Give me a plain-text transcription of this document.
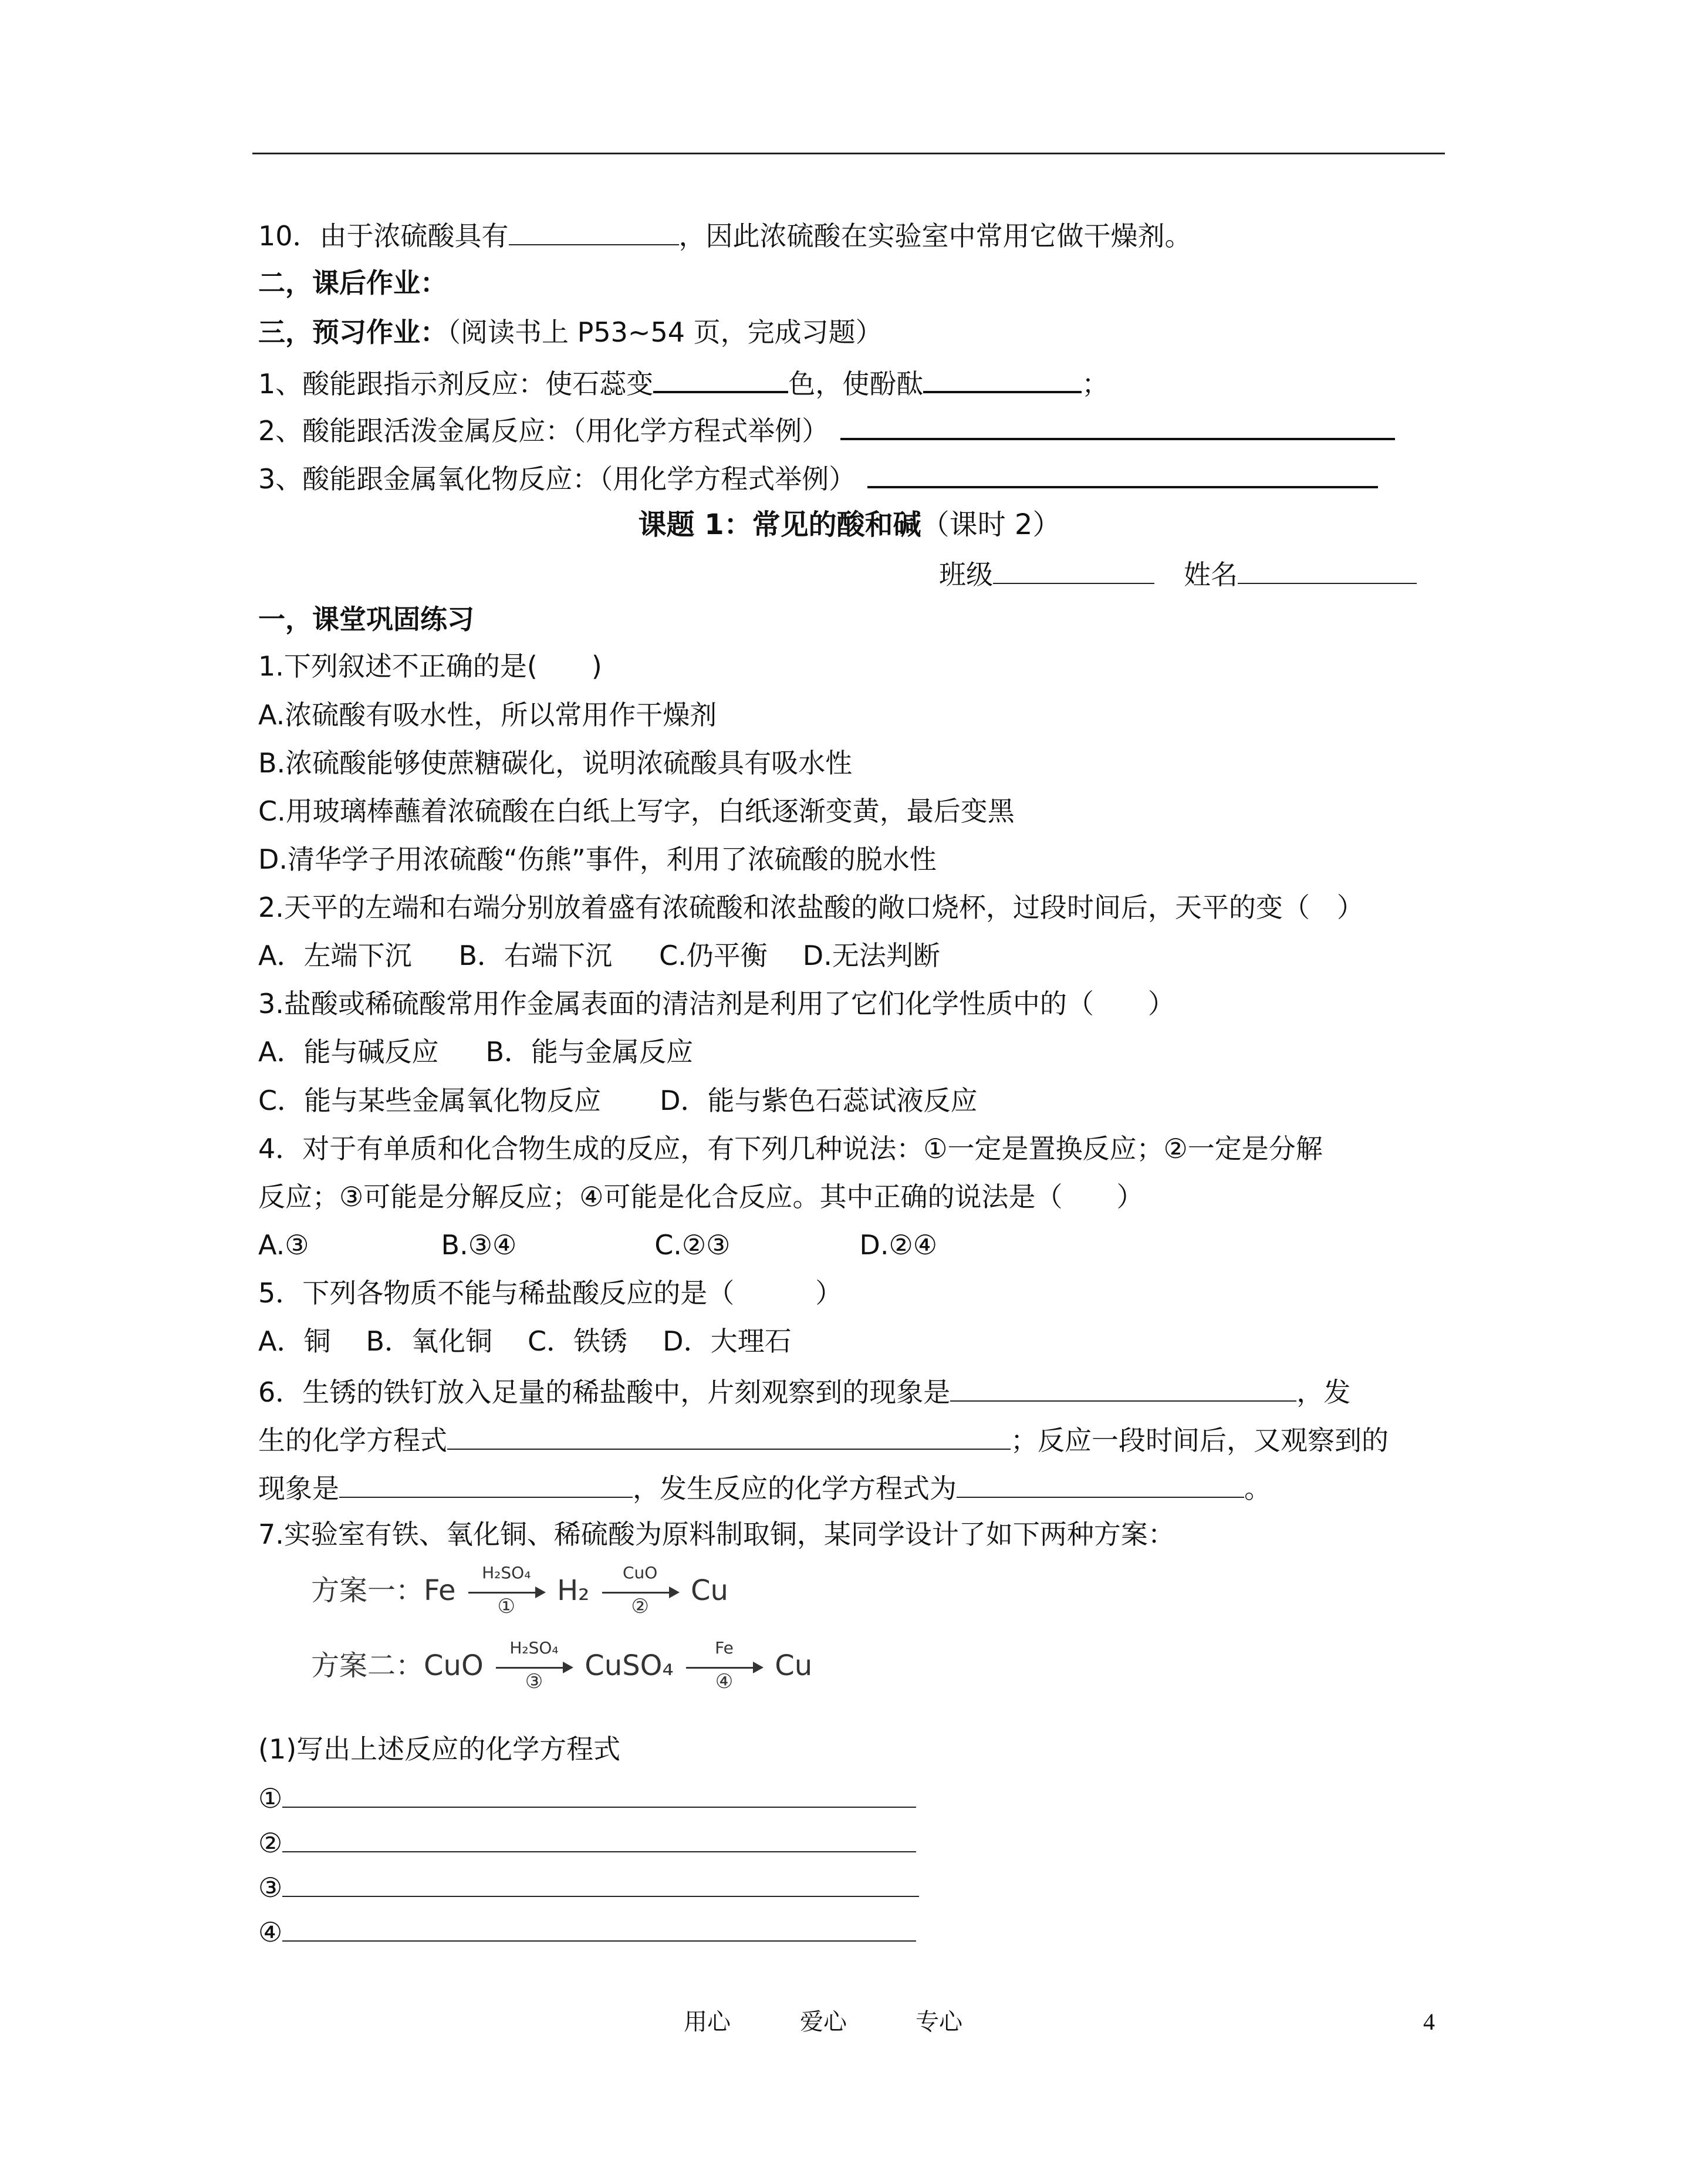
10．由于浓硫酸具有	，因此浓硫酸在实验室中常用它做干燥剂。
二，课后作业：
三，预习作业：（阅读书上 P53~54 页，完成习题）
1、酸能跟指示剂反应：使石蕊变	色，使酚酞	；
2、酸能跟活泼金属反应：（用化学方程式举例）
3、酸能跟金属氧化物反应：（用化学方程式举例）
课题 1：常见的酸和碱（课时 2）
班级	姓名
一，课堂巩固练习
1.下列叙述不正确的是(　　)
A.浓硫酸有吸水性，所以常用作干燥剂
B.浓硫酸能够使蔗糖碳化，说明浓硫酸具有吸水性
C.用玻璃棒蘸着浓硫酸在白纸上写字，白纸逐渐变黄，最后变黑
D.清华学子用浓硫酸“伤熊”事件，利用了浓硫酸的脱水性
2.天平的左端和右端分别放着盛有浓硫酸和浓盐酸的敞口烧杯，过段时间后，天平的变（　）
A．左端下沉 B．右端下沉 C.仍平衡 D.无法判断
3.盐酸或稀硫酸常用作金属表面的清洁剂是利用了它们化学性质中的（　　）
A．能与碱反应 B．能与金属反应
C．能与某些金属氧化物反应 D．能与紫色石蕊试液反应
4．对于有单质和化合物生成的反应，有下列几种说法：①一定是置换反应；②一定是分解
反应；③可能是分解反应；④可能是化合反应。其中正确的说法是（　　）
A.③	B.③④	C.②③	D.②④
5．下列各物质不能与稀盐酸反应的是（　　　）
A．铜 B．氧化铜 C．铁锈 D．大理石
6．生锈的铁钉放入足量的稀盐酸中，片刻观察到的现象是	，发
生的化学方程式	；反应一段时间后，又观察到的
现象是	，发生反应的化学方程式为	。
7.实验室有铁、氧化铜、稀硫酸为原料制取铜，某同学设计了如下两种方案：
方案一：Fe
H₂SO₄
①	H₂
CuO
②	Cu
方案二：CuO
H₂SO₄
③	CuSO₄
Fe
④	Cu
(1)写出上述反应的化学方程式
①
②
③
④
用心	爱心	专心	4
